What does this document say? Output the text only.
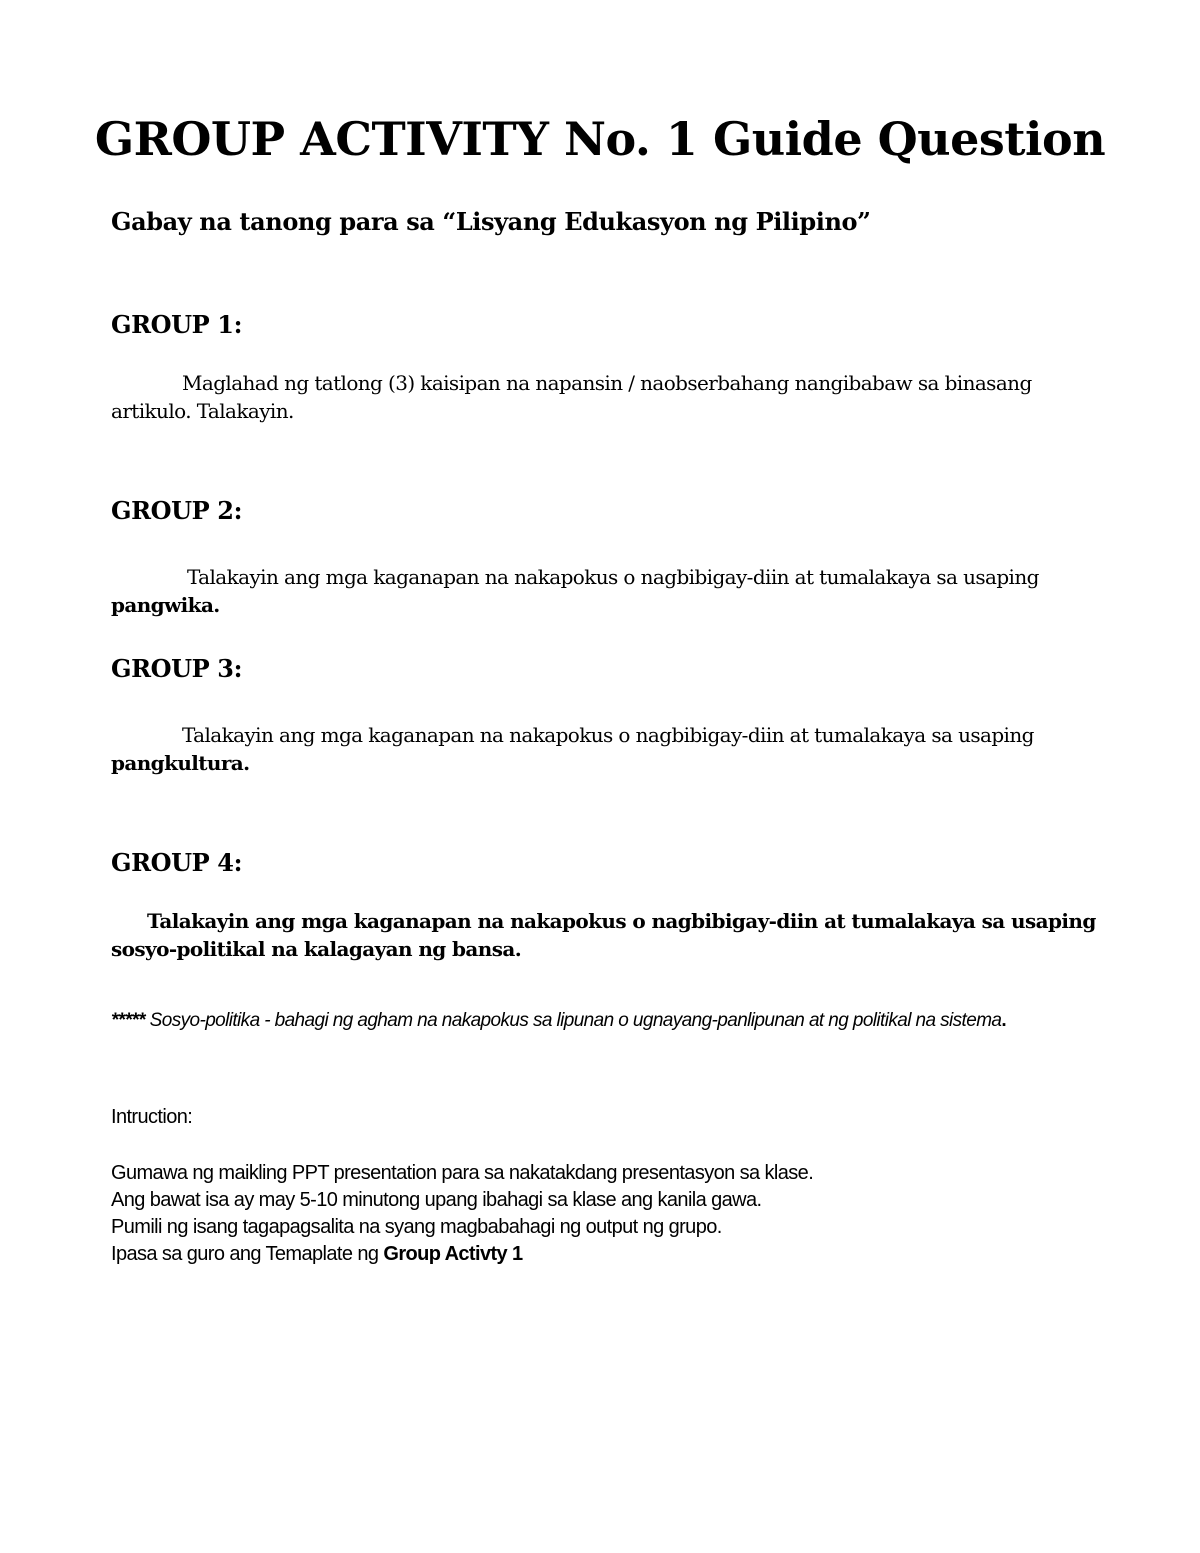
GROUP ACTIVITY No. 1 Guide Question
Gabay na tanong para sa “Lisyang Edukasyon ng Pilipino”
GROUP 1:
Maglahad ng tatlong (3) kaisipan na napansin / naobserbahang nangibabaw sa binasang
artikulo. Talakayin.
GROUP 2:
Talakayin ang mga kaganapan na nakapokus o nagbibigay-diin at tumalakaya sa usaping
pangwika.
GROUP 3:
Talakayin ang mga kaganapan na nakapokus o nagbibigay-diin at tumalakaya sa usaping
pangkultura.
GROUP 4:
Talakayin ang mga kaganapan na nakapokus o nagbibigay-diin at tumalakaya sa usaping
sosyo-politikal na kalagayan ng bansa.
***** Sosyo-politika - bahagi ng agham na nakapokus sa lipunan o ugnayang-panlipunan at ng politikal na sistema.
Intruction:
Gumawa ng maikling PPT presentation para sa nakatakdang presentasyon sa klase.
Ang bawat isa ay may 5-10 minutong upang ibahagi sa klase ang kanila gawa.
Pumili ng isang tagapagsalita na syang magbabahagi ng output ng grupo.
Ipasa sa guro ang Temaplate ng Group Activty 1
